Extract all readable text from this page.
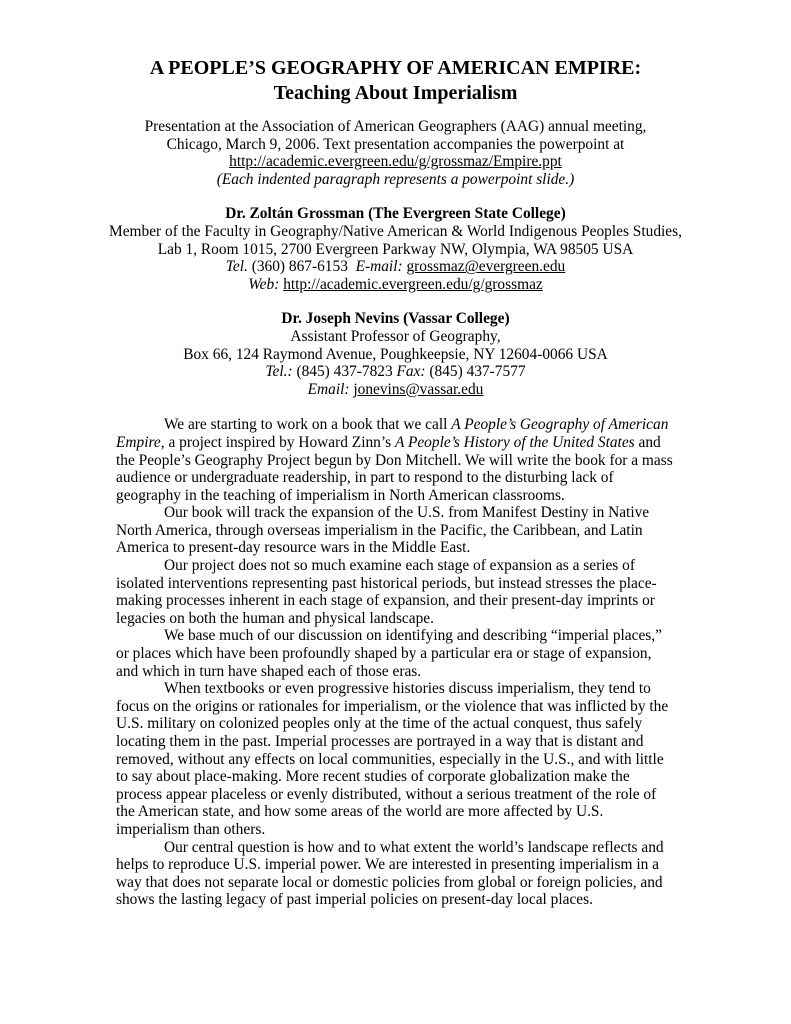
A PEOPLE’S GEOGRAPHY OF AMERICAN EMPIRE:
Teaching About Imperialism
Presentation at the Association of American Geographers (AAG) annual meeting,
Chicago, March 9, 2006. Text presentation accompanies the powerpoint at
http://academic.evergreen.edu/g/grossmaz/Empire.ppt
(Each indented paragraph represents a powerpoint slide.)
Dr. Zoltán Grossman (The Evergreen State College)
Member of the Faculty in Geography/Native American & World Indigenous Peoples Studies,
Lab 1, Room 1015, 2700 Evergreen Parkway NW, Olympia, WA 98505 USA
Tel. (360) 867-6153  E-mail: grossmaz@evergreen.edu
Web: http://academic.evergreen.edu/g/grossmaz
Dr. Joseph Nevins (Vassar College)
Assistant Professor of Geography,
Box 66, 124 Raymond Avenue, Poughkeepsie, NY 12604-0066 USA
Tel.: (845) 437-7823 Fax: (845) 437-7577
Email: jonevins@vassar.edu

We are starting to work on a book that we call A People’s Geography of American Empire, a project inspired by Howard Zinn’s A People’s History of the United States and the People’s Geography Project begun by Don Mitchell. We will write the book for a mass audience or undergraduate readership, in part to respond to the disturbing lack of geography in the teaching of imperialism in North American classrooms.

Our book will track the expansion of the U.S. from Manifest Destiny in Native North America, through overseas imperialism in the Pacific, the Caribbean, and Latin America to present-day resource wars in the Middle East.

Our project does not so much examine each stage of expansion as a series of isolated interventions representing past historical periods, but instead stresses the place-making processes inherent in each stage of expansion, and their present-day imprints or legacies on both the human and physical landscape.

We base much of our discussion on identifying and describing “imperial places,” or places which have been profoundly shaped by a particular era or stage of expansion, and which in turn have shaped each of those eras.

When textbooks or even progressive histories discuss imperialism, they tend to focus on the origins or rationales for imperialism, or the violence that was inflicted by the U.S. military on colonized peoples only at the time of the actual conquest, thus safely locating them in the past. Imperial processes are portrayed in a way that is distant and removed, without any effects on local communities, especially in the U.S., and with little to say about place-making. More recent studies of corporate globalization make the process appear placeless or evenly distributed, without a serious treatment of the role of the American state, and how some areas of the world are more affected by U.S. imperialism than others.

Our central question is how and to what extent the world’s landscape reflects and helps to reproduce U.S. imperial power. We are interested in presenting imperialism in a way that does not separate local or domestic policies from global or foreign policies, and shows the lasting legacy of past imperial policies on present-day local places.
